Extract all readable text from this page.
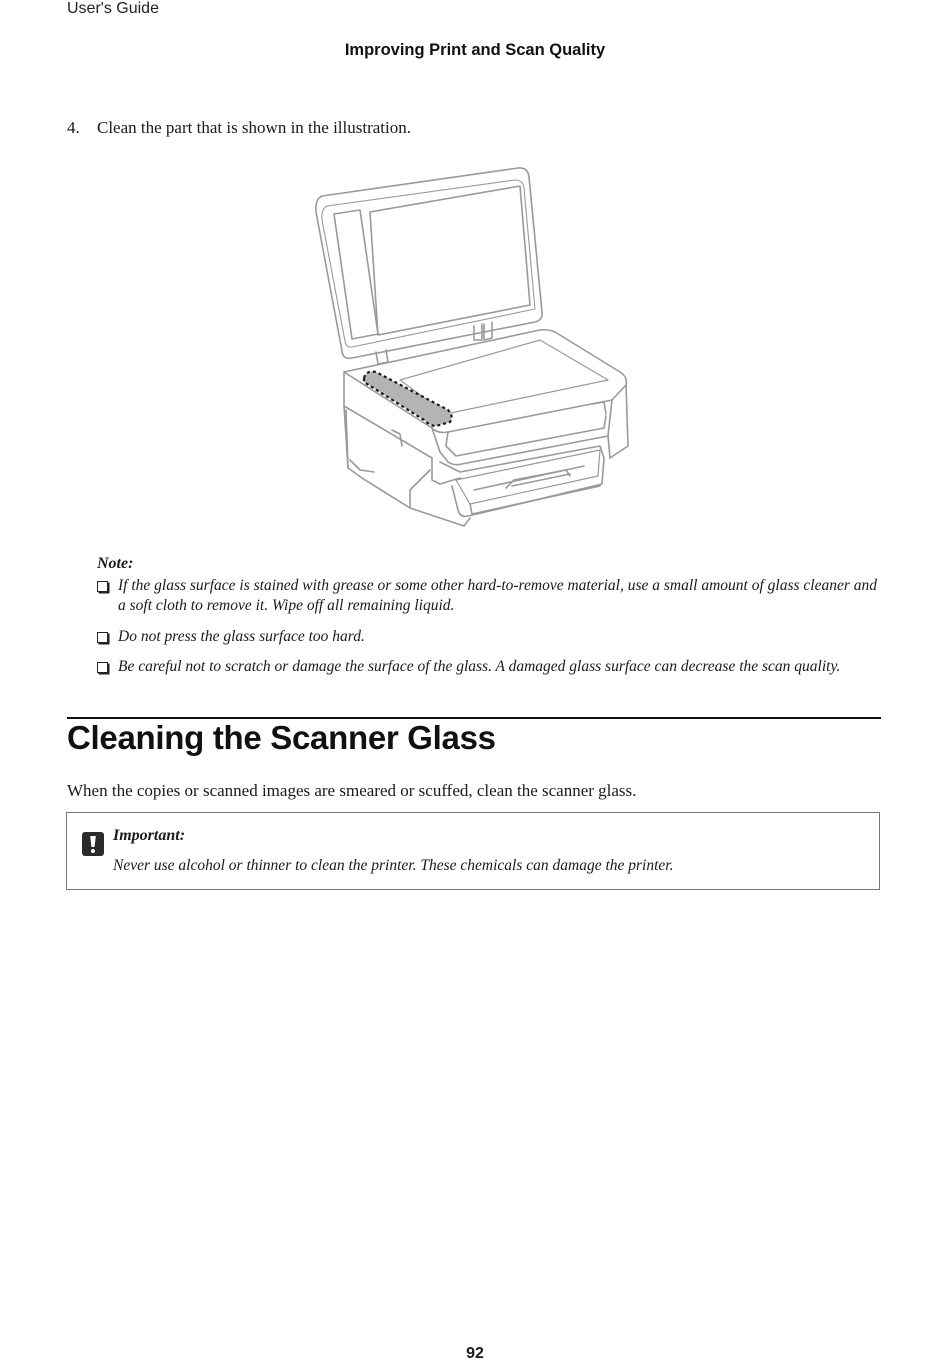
User's Guide
Improving Print and Scan Quality
4. Clean the part that is shown in the illustration.
Note:
If the glass surface is stained with grease or some other hard-to-remove material, use a small amount of glass cleaner and a soft cloth to remove it. Wipe off all remaining liquid.
Do not press the glass surface too hard.
Be careful not to scratch or damage the surface of the glass. A damaged glass surface can decrease the scan quality.
Cleaning the Scanner Glass
When the copies or scanned images are smeared or scuffed, clean the scanner glass.
Important:
Never use alcohol or thinner to clean the printer. These chemicals can damage the printer.
92
